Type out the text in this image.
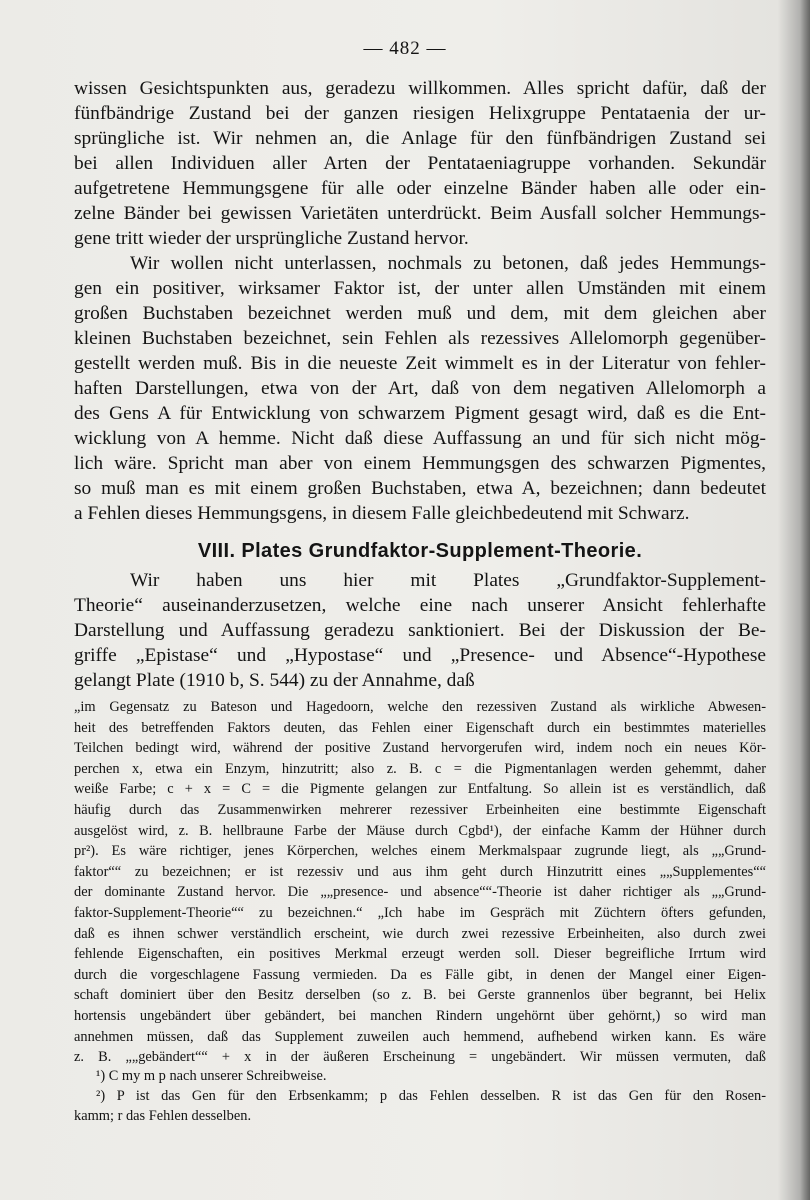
— 482 —
wissen Gesichtspunkten aus, geradezu willkommen. Alles spricht dafür, daß der
fünfbändrige Zustand bei der ganzen riesigen Helixgruppe Pentataenia der ur-
sprüngliche ist. Wir nehmen an, die Anlage für den fünfbändrigen Zustand sei
bei allen Individuen aller Arten der Pentataeniagruppe vorhanden. Sekundär
aufgetretene Hemmungsgene für alle oder einzelne Bänder haben alle oder ein-
zelne Bänder bei gewissen Varietäten unterdrückt. Beim Ausfall solcher Hemmungs-
gene tritt wieder der ursprüngliche Zustand hervor.
Wir wollen nicht unterlassen, nochmals zu betonen, daß jedes Hemmungs-
gen ein positiver, wirksamer Faktor ist, der unter allen Umständen mit einem
großen Buchstaben bezeichnet werden muß und dem, mit dem gleichen aber
kleinen Buchstaben bezeichnet, sein Fehlen als rezessives Allelomorph gegenüber-
gestellt werden muß. Bis in die neueste Zeit wimmelt es in der Literatur von fehler-
haften Darstellungen, etwa von der Art, daß von dem negativen Allelomorph a
des Gens A für Entwicklung von schwarzem Pigment gesagt wird, daß es die Ent-
wicklung von A hemme. Nicht daß diese Auffassung an und für sich nicht mög-
lich wäre. Spricht man aber von einem Hemmungsgen des schwarzen Pigmentes,
so muß man es mit einem großen Buchstaben, etwa A, bezeichnen; dann bedeutet
a Fehlen dieses Hemmungsgens, in diesem Falle gleichbedeutend mit Schwarz.
VIII. Plates Grundfaktor-Supplement-Theorie.
Wir haben uns hier mit Plates „Grundfaktor-Supplement-
Theorie“ auseinanderzusetzen, welche eine nach unserer Ansicht fehlerhafte
Darstellung und Auffassung geradezu sanktioniert. Bei der Diskussion der Be-
griffe „Epistase“ und „Hypostase“ und „Presence- und Absence“-Hypothese
gelangt Plate (1910 b, S. 544) zu der Annahme, daß
„im Gegensatz zu Bateson und Hagedoorn, welche den rezessiven Zustand als wirkliche Abwesen-
heit des betreffenden Faktors deuten, das Fehlen einer Eigenschaft durch ein bestimmtes materielles
Teilchen bedingt wird, während der positive Zustand hervorgerufen wird, indem noch ein neues Kör-
perchen x, etwa ein Enzym, hinzutritt; also z. B. c = die Pigmentanlagen werden gehemmt, daher
weiße Farbe; c + x = C = die Pigmente gelangen zur Entfaltung. So allein ist es verständlich, daß
häufig durch das Zusammenwirken mehrerer rezessiver Erbeinheiten eine bestimmte Eigenschaft
ausgelöst wird, z. B. hellbraune Farbe der Mäuse durch Cgbd¹), der einfache Kamm der Hühner durch
pr²). Es wäre richtiger, jenes Körperchen, welches einem Merkmalspaar zugrunde liegt, als „„Grund-
faktor““ zu bezeichnen; er ist rezessiv und aus ihm geht durch Hinzutritt eines „„Supplementes““
der dominante Zustand hervor. Die „„presence- und absence““-Theorie ist daher richtiger als „„Grund-
faktor-Supplement-Theorie““ zu bezeichnen.“ „Ich habe im Gespräch mit Züchtern öfters gefunden,
daß es ihnen schwer verständlich erscheint, wie durch zwei rezessive Erbeinheiten, also durch zwei
fehlende Eigenschaften, ein positives Merkmal erzeugt werden soll. Dieser begreifliche Irrtum wird
durch die vorgeschlagene Fassung vermieden. Da es Fälle gibt, in denen der Mangel einer Eigen-
schaft dominiert über den Besitz derselben (so z. B. bei Gerste grannenlos über begrannt, bei Helix
hortensis ungebändert über gebändert, bei manchen Rindern ungehörnt über gehörnt,) so wird man
annehmen müssen, daß das Supplement zuweilen auch hemmend, aufhebend wirken kann. Es wäre
z. B. „„gebändert““ + x in der äußeren Erscheinung = ungebändert. Wir müssen vermuten, daß

¹) C my m p nach unserer Schreibweise.

²) P ist das Gen für den Erbsenkamm; p das Fehlen desselben. R ist das Gen für den Rosen-

kamm; r das Fehlen desselben.
